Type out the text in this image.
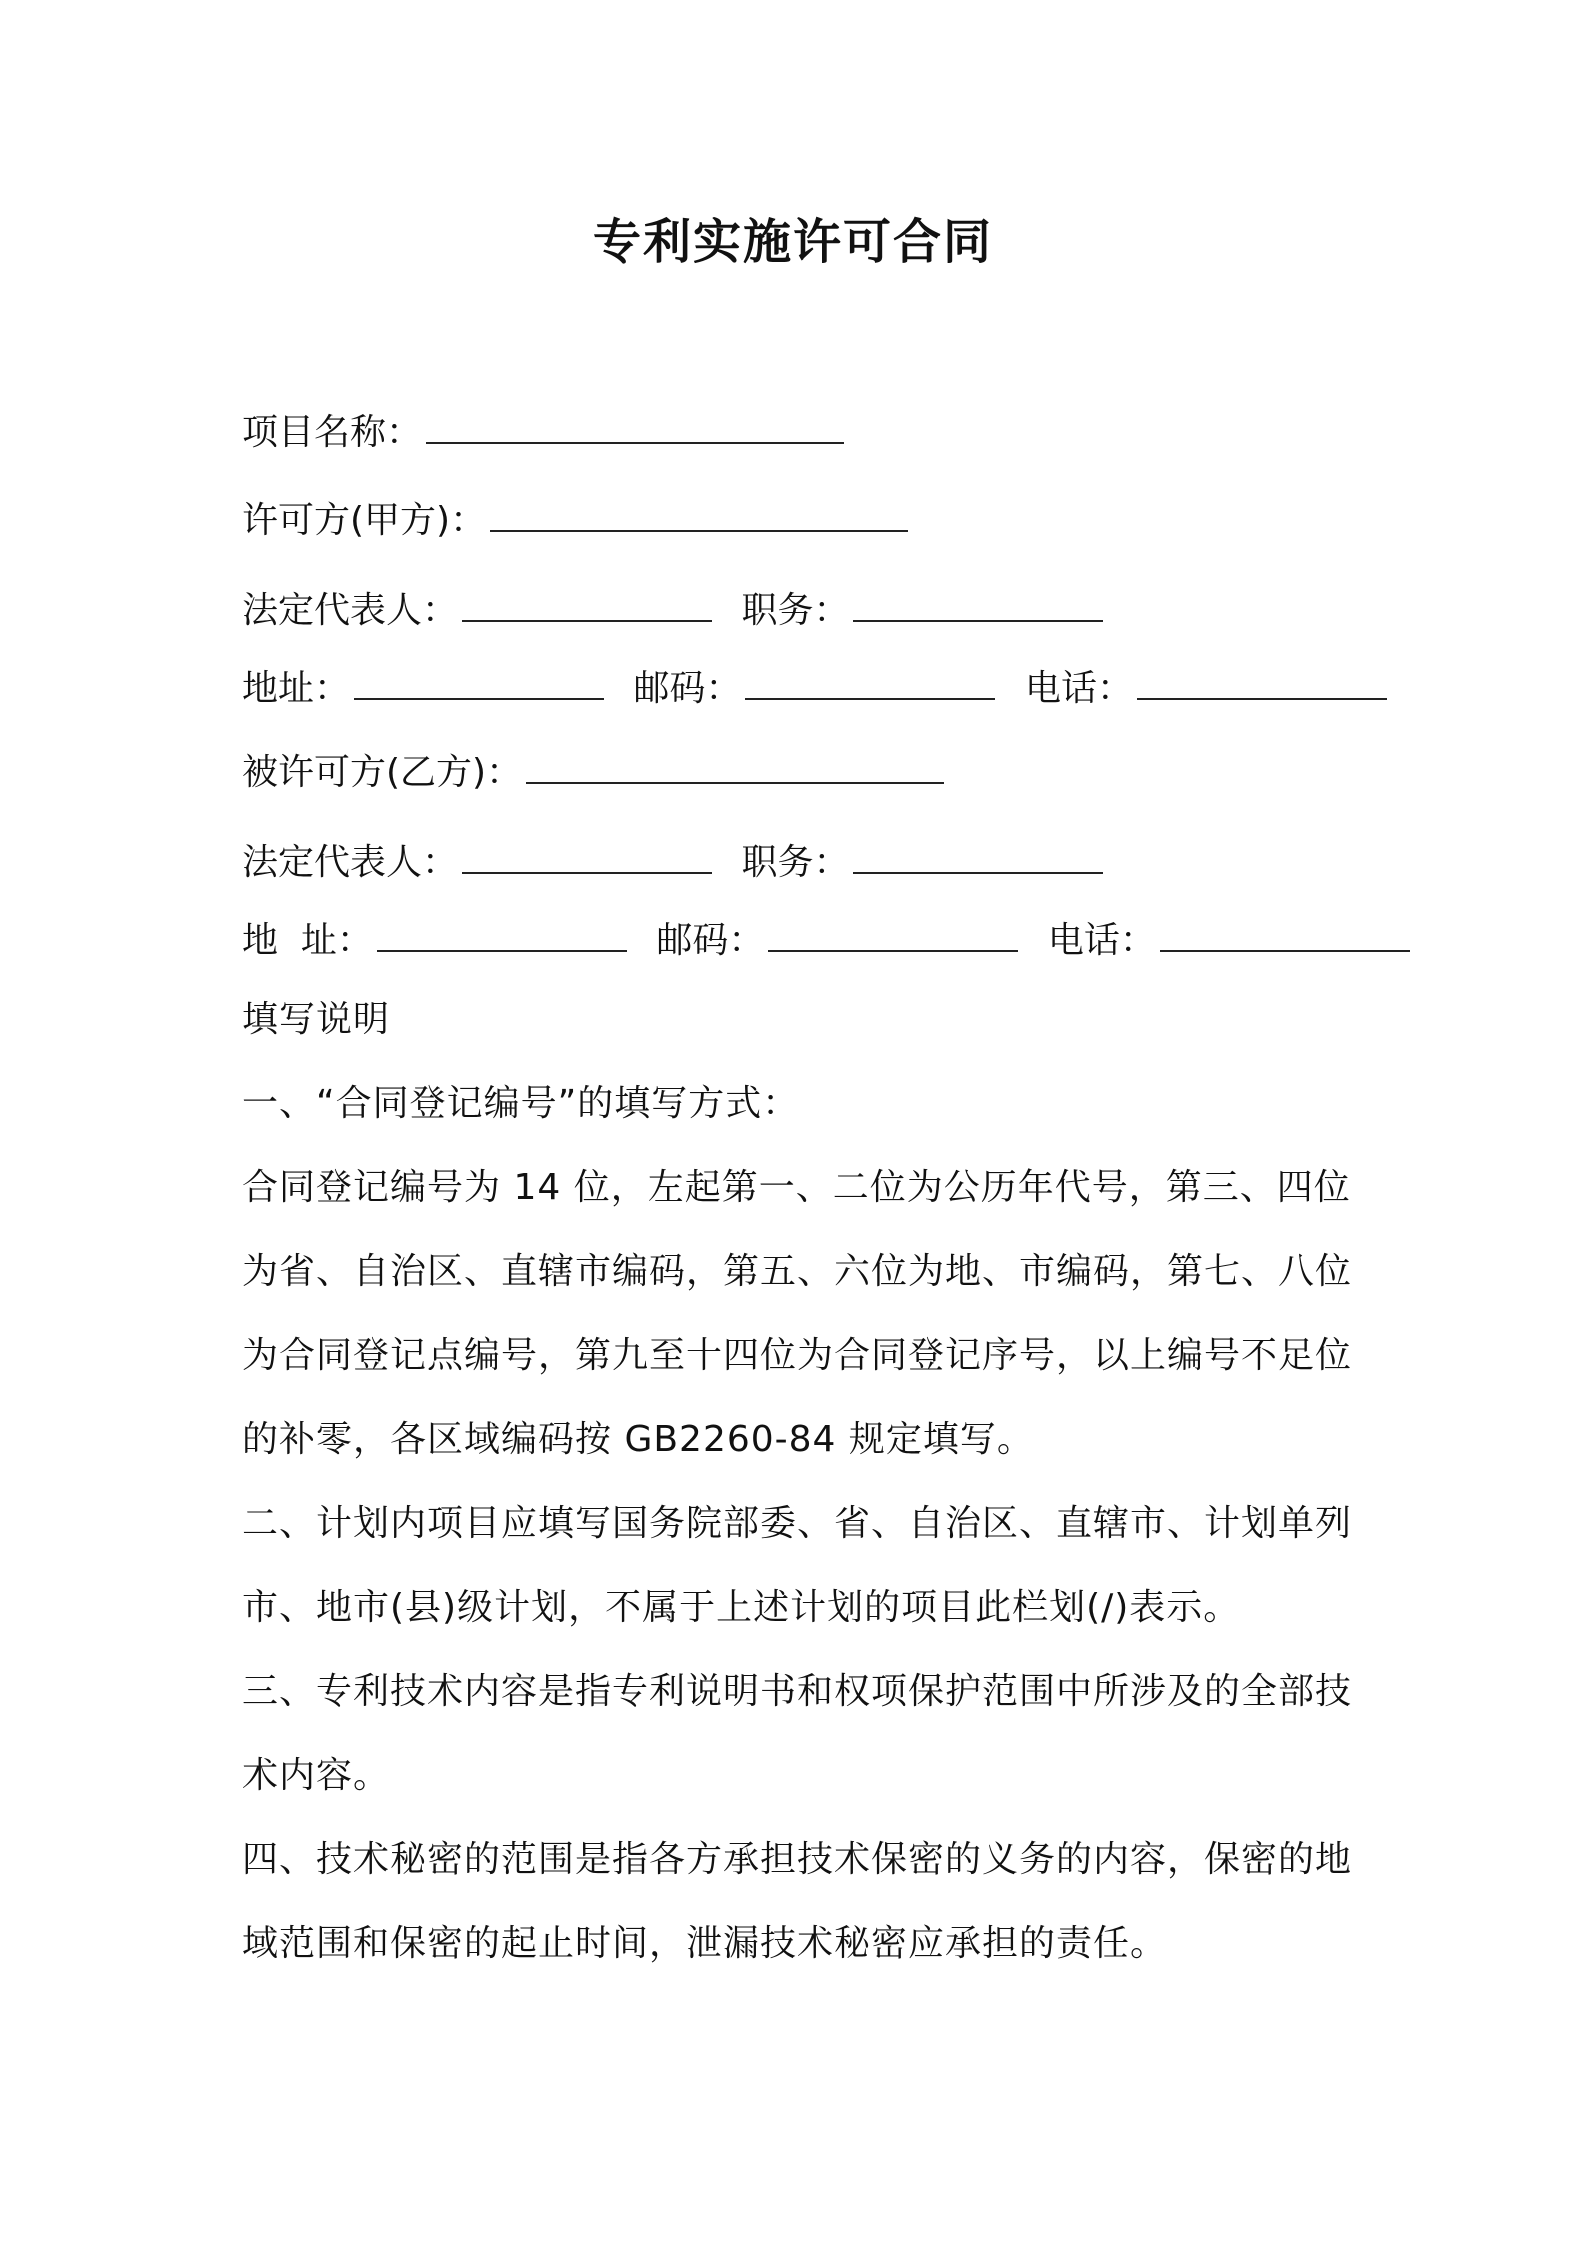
专利实施许可合同
项目名称：
许可方(甲方)：
法定代表人：	职务：
地址：	邮码：	电话：
被许可方(乙方)：
法定代表人：	职务：
地  址：	邮码：	电话：

填写说明

一、“合同登记编号”的填写方式：

合同登记编号为 14 位，左起第一、二位为公历年代号，第三、四位为省、自治区、直辖市编码，第五、六位为地、市编码，第七、八位为合同登记点编号，第九至十四位为合同登记序号，以上编号不足位的补零，各区域编码按 GB2260-84 规定填写。

二、计划内项目应填写国务院部委、省、自治区、直辖市、计划单列市、地市(县)级计划，不属于上述计划的项目此栏划(/)表示。

三、专利技术内容是指专利说明书和权项保护范围中所涉及的全部技术内容。

四、技术秘密的范围是指各方承担技术保密的义务的内容，保密的地域范围和保密的起止时间，泄漏技术秘密应承担的责任。
